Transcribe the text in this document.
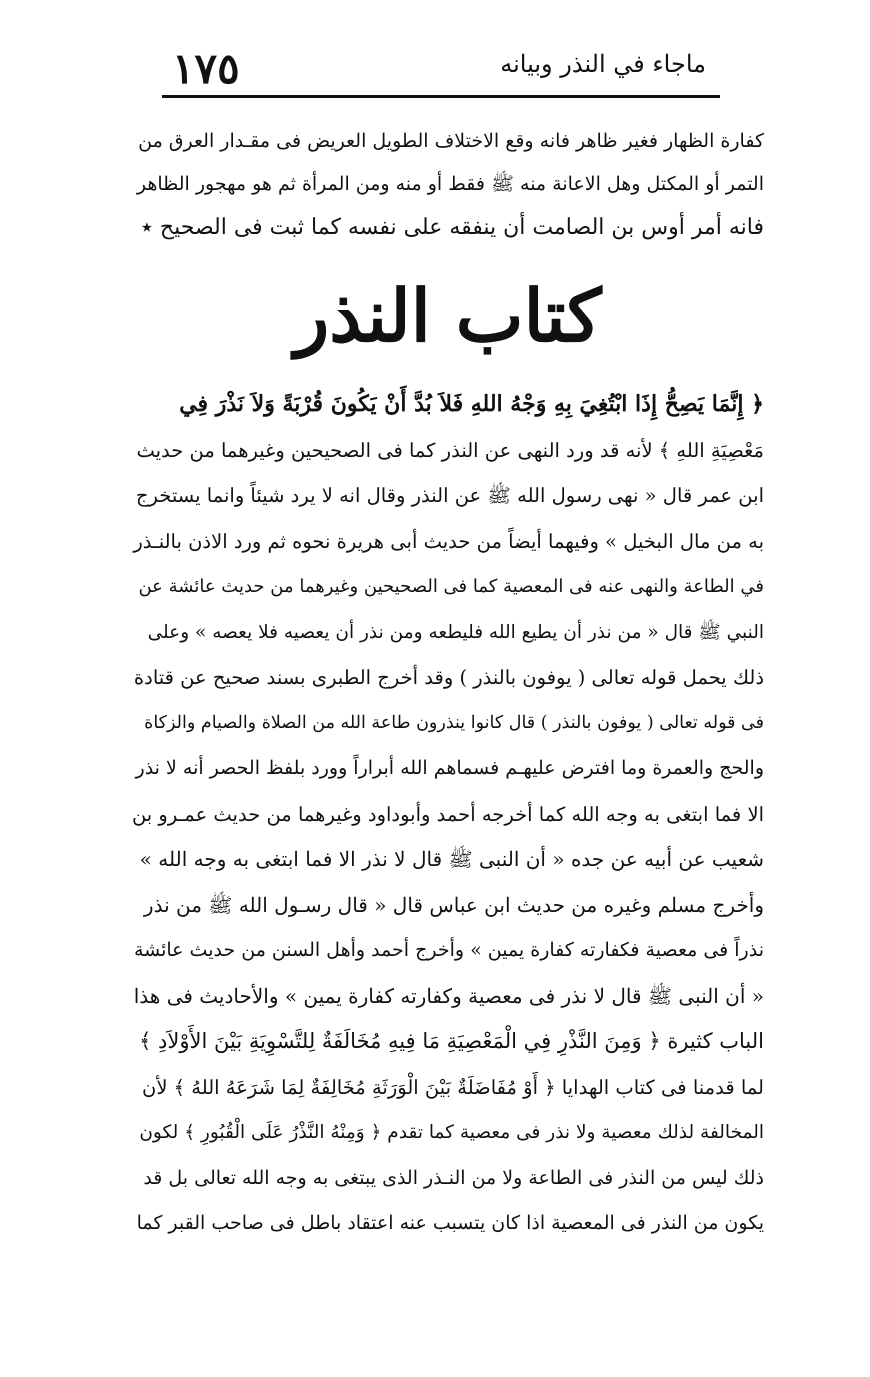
١٧٥	ماجاء في النذر وبيانه
كفارة الظهار فغير ظاهر فانه وقع الاختلاف الطويل العريض فى مقـدار العرق من
التمر أو المكتل وهل الاعانة منه ﷺ فقط أو منه ومن المرأة ثم هو مهجور الظاهر
فانه أمر أوس بن الصامت أن ينفقه على نفسه كما ثبت فى الصحيح ٭
كتاب النذر
﴿ إِنَّمَا يَصِحُّ إِذَا ابْتُغِيَ بِهِ وَجْهُ اللهِ فَلاَ بُدَّ أَنْ يَكُونَ قُرْبَةً وَلاَ نَذْرَ فِي
مَعْصِيَةِ اللهِ ﴾ لأنه قد ورد النهى عن النذر كما فى الصحيحين وغيرهما من حديث
ابن عمر قال « نهى رسول الله ﷺ عن النذر وقال انه لا يرد شيئاً وانما يستخرج
به من مال البخيل » وفيهما أيضاً من حديث أبى هريرة نحوه ثم ورد الاذن بالنـذر
في الطاعة والنهى عنه فى المعصية كما فى الصحيحين وغيرهما من حديث عائشة عن
النبي ﷺ قال « من نذر أن يطيع الله فليطعه ومن نذر أن يعصيه فلا يعصه » وعلى
ذلك يحمل قوله تعالى ( يوفون بالنذر ) وقد أخرج الطبرى بسند صحيح عن قتادة
فى قوله تعالى ( يوفون بالنذر ) قال كانوا ينذرون طاعة الله من الصلاة والصيام والزكاة
والحج والعمرة وما افترض عليهـم فسماهم الله أبراراً وورد بلفظ الحصر أنه لا نذر
الا فما ابتغى به وجه الله كما أخرجه أحمد وأبوداود وغيرهما من حديث عمـرو بن
شعيب عن أبيه عن جده « أن النبى ﷺ قال لا نذر الا فما ابتغى به وجه الله »
وأخرج مسلم وغيره من حديث ابن عباس قال « قال رسـول الله ﷺ من نذر
نذراً فى معصية فكفارته كفارة يمين » وأخرج أحمد وأهل السنن من حديث عائشة
« أن النبى ﷺ قال لا نذر فى معصية وكفارته كفارة يمين » والأحاديث فى هذا
الباب كثيرة ﴿ وَمِنَ النَّذْرِ فِي الْمَعْصِيَةِ مَا فِيهِ مُخَالَفَةٌ لِلتَّسْوِيَةِ بَيْنَ الأَوْلاَدِ ﴾
لما قدمنا فى كتاب الهدايا ﴿ أَوْ مُفَاضَلَةٌ بَيْنَ الْوَرَثَةِ مُخَالِفَةٌ لِمَا شَرَعَهُ اللهُ ﴾ لأن
المخالفة لذلك معصية ولا نذر فى معصية كما تقدم ﴿ وَمِنْهُ النَّذْرُ عَلَى الْقُبُورِ ﴾ لكون
ذلك ليس من النذر فى الطاعة ولا من النـذر الذى يبتغى به وجه الله تعالى بل قد
يكون من النذر فى المعصية اذا كان يتسبب عنه اعتقاد باطل فى صاحب القبر كما
